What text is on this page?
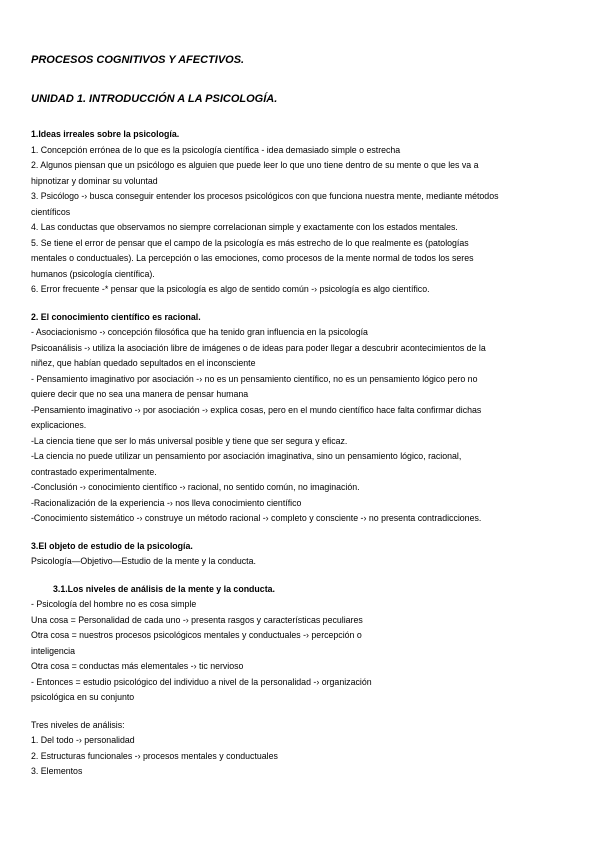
PROCESOS COGNITIVOS Y AFECTIVOS.
UNIDAD 1. INTRODUCCIÓN A LA PSICOLOGÍA.
1.Ideas irreales sobre la psicología.
1. Concepción errónea de lo que es la psicología científica - idea demasiado simple o estrecha
2. Algunos piensan que un psicólogo es alguien que puede leer lo que uno tiene dentro de su mente o que les va a
hipnotizar y dominar su voluntad
3. Psicólogo -› busca conseguir entender los procesos psicológicos con que funciona nuestra mente, mediante métodos
científicos
4. Las conductas que observamos no siempre correlacionan simple y exactamente con los estados mentales.
5. Se tiene el error de pensar que el campo de la psicología es más estrecho de lo que realmente es (patologías
mentales o conductuales). La percepción o las emociones, como procesos de la mente normal de todos los seres
humanos (psicología científica).
6. Error frecuente -* pensar que la psicología es algo de sentido común -› psicología es algo científico.
2. El conocimiento científico es racional.
- Asociacionismo -› concepción filosófica que ha tenido gran influencia en la psicología
Psicoanálisis -› utiliza la asociación libre de imágenes o de ideas para poder llegar a descubrir acontecimientos de la
niñez, que habían quedado sepultados en el inconsciente
- Pensamiento imaginativo por asociación -› no es un pensamiento científico, no es un pensamiento lógico pero no
quiere decir que no sea una manera de pensar humana
-Pensamiento imaginativo -› por asociación -› explica cosas, pero en el mundo científico hace falta confirmar dichas
explicaciones.
-La ciencia tiene que ser lo más universal posible y tiene que ser segura y eficaz.
-La ciencia no puede utilizar un pensamiento por asociación imaginativa, sino un pensamiento lógico, racional,
contrastado experimentalmente.
-Conclusión -› conocimiento científico -› racional, no sentido común, no imaginación.
-Racionalización de la experiencia -› nos lleva conocimiento científico
-Conocimiento sistemático -› construye un método racional -› completo y consciente -› no presenta contradicciones.
3.El objeto de estudio de la psicología.
Psicología—Objetivo—Estudio de la mente y la conducta.
3.1.Los niveles de análisis de la mente y la conducta.
- Psicología del hombre no es cosa simple
Una cosa = Personalidad de cada uno -› presenta rasgos y características peculiares
Otra cosa = nuestros procesos psicológicos mentales y conductuales -› percepción o
inteligencia
Otra cosa = conductas más elementales -› tic nervioso
- Entonces = estudio psicológico del individuo a nivel de la personalidad -› organización
psicológica en su conjunto
Tres niveles de análisis:
1. Del todo -› personalidad
2. Estructuras funcionales -› procesos mentales y conductuales
3. Elementos
